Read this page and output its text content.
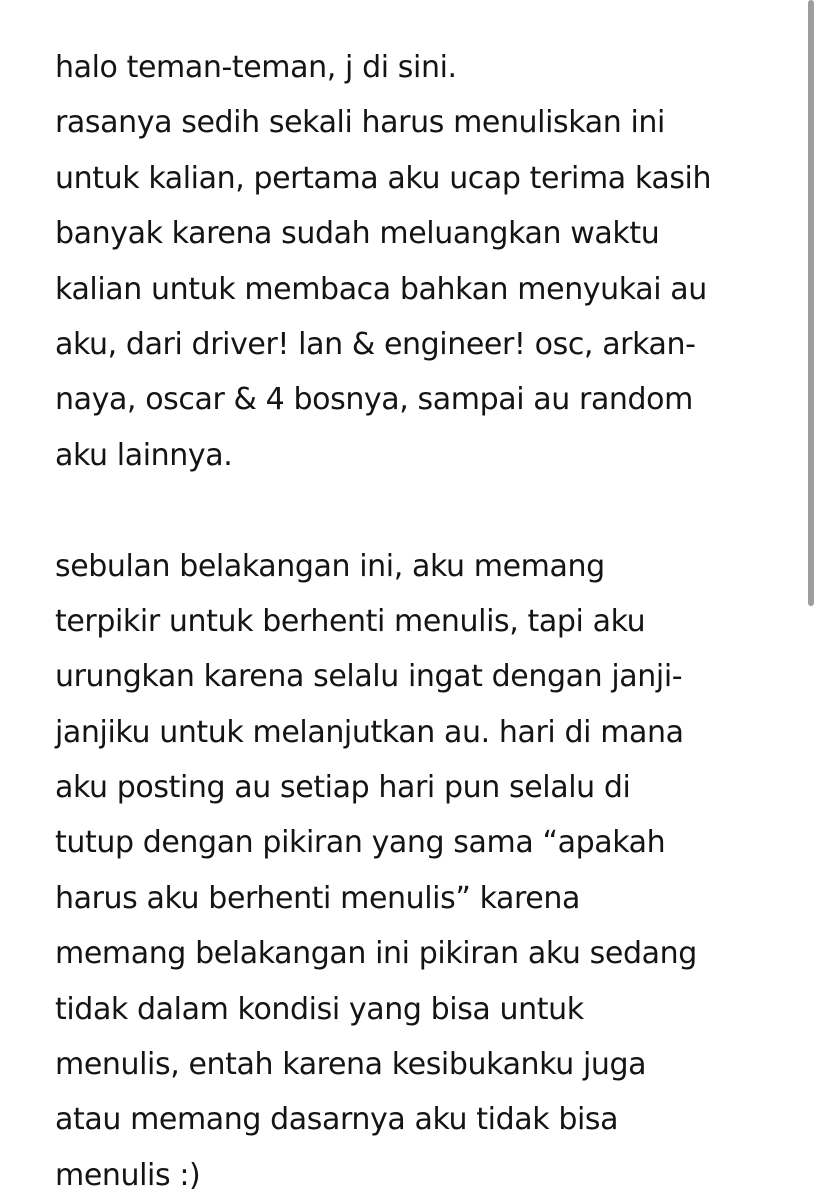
halo teman-teman, j di sini.
rasanya sedih sekali harus menuliskan ini
untuk kalian, pertama aku ucap terima kasih
banyak karena sudah meluangkan waktu
kalian untuk membaca bahkan menyukai au
aku, dari driver! lan & engineer! osc, arkan-
naya, oscar & 4 bosnya, sampai au random
aku lainnya.
sebulan belakangan ini, aku memang
terpikir untuk berhenti menulis, tapi aku
urungkan karena selalu ingat dengan janji-
janjiku untuk melanjutkan au. hari di mana
aku posting au setiap hari pun selalu di
tutup dengan pikiran yang sama “apakah
harus aku berhenti menulis” karena
memang belakangan ini pikiran aku sedang
tidak dalam kondisi yang bisa untuk
menulis, entah karena kesibukanku juga
atau memang dasarnya aku tidak bisa
menulis :)
